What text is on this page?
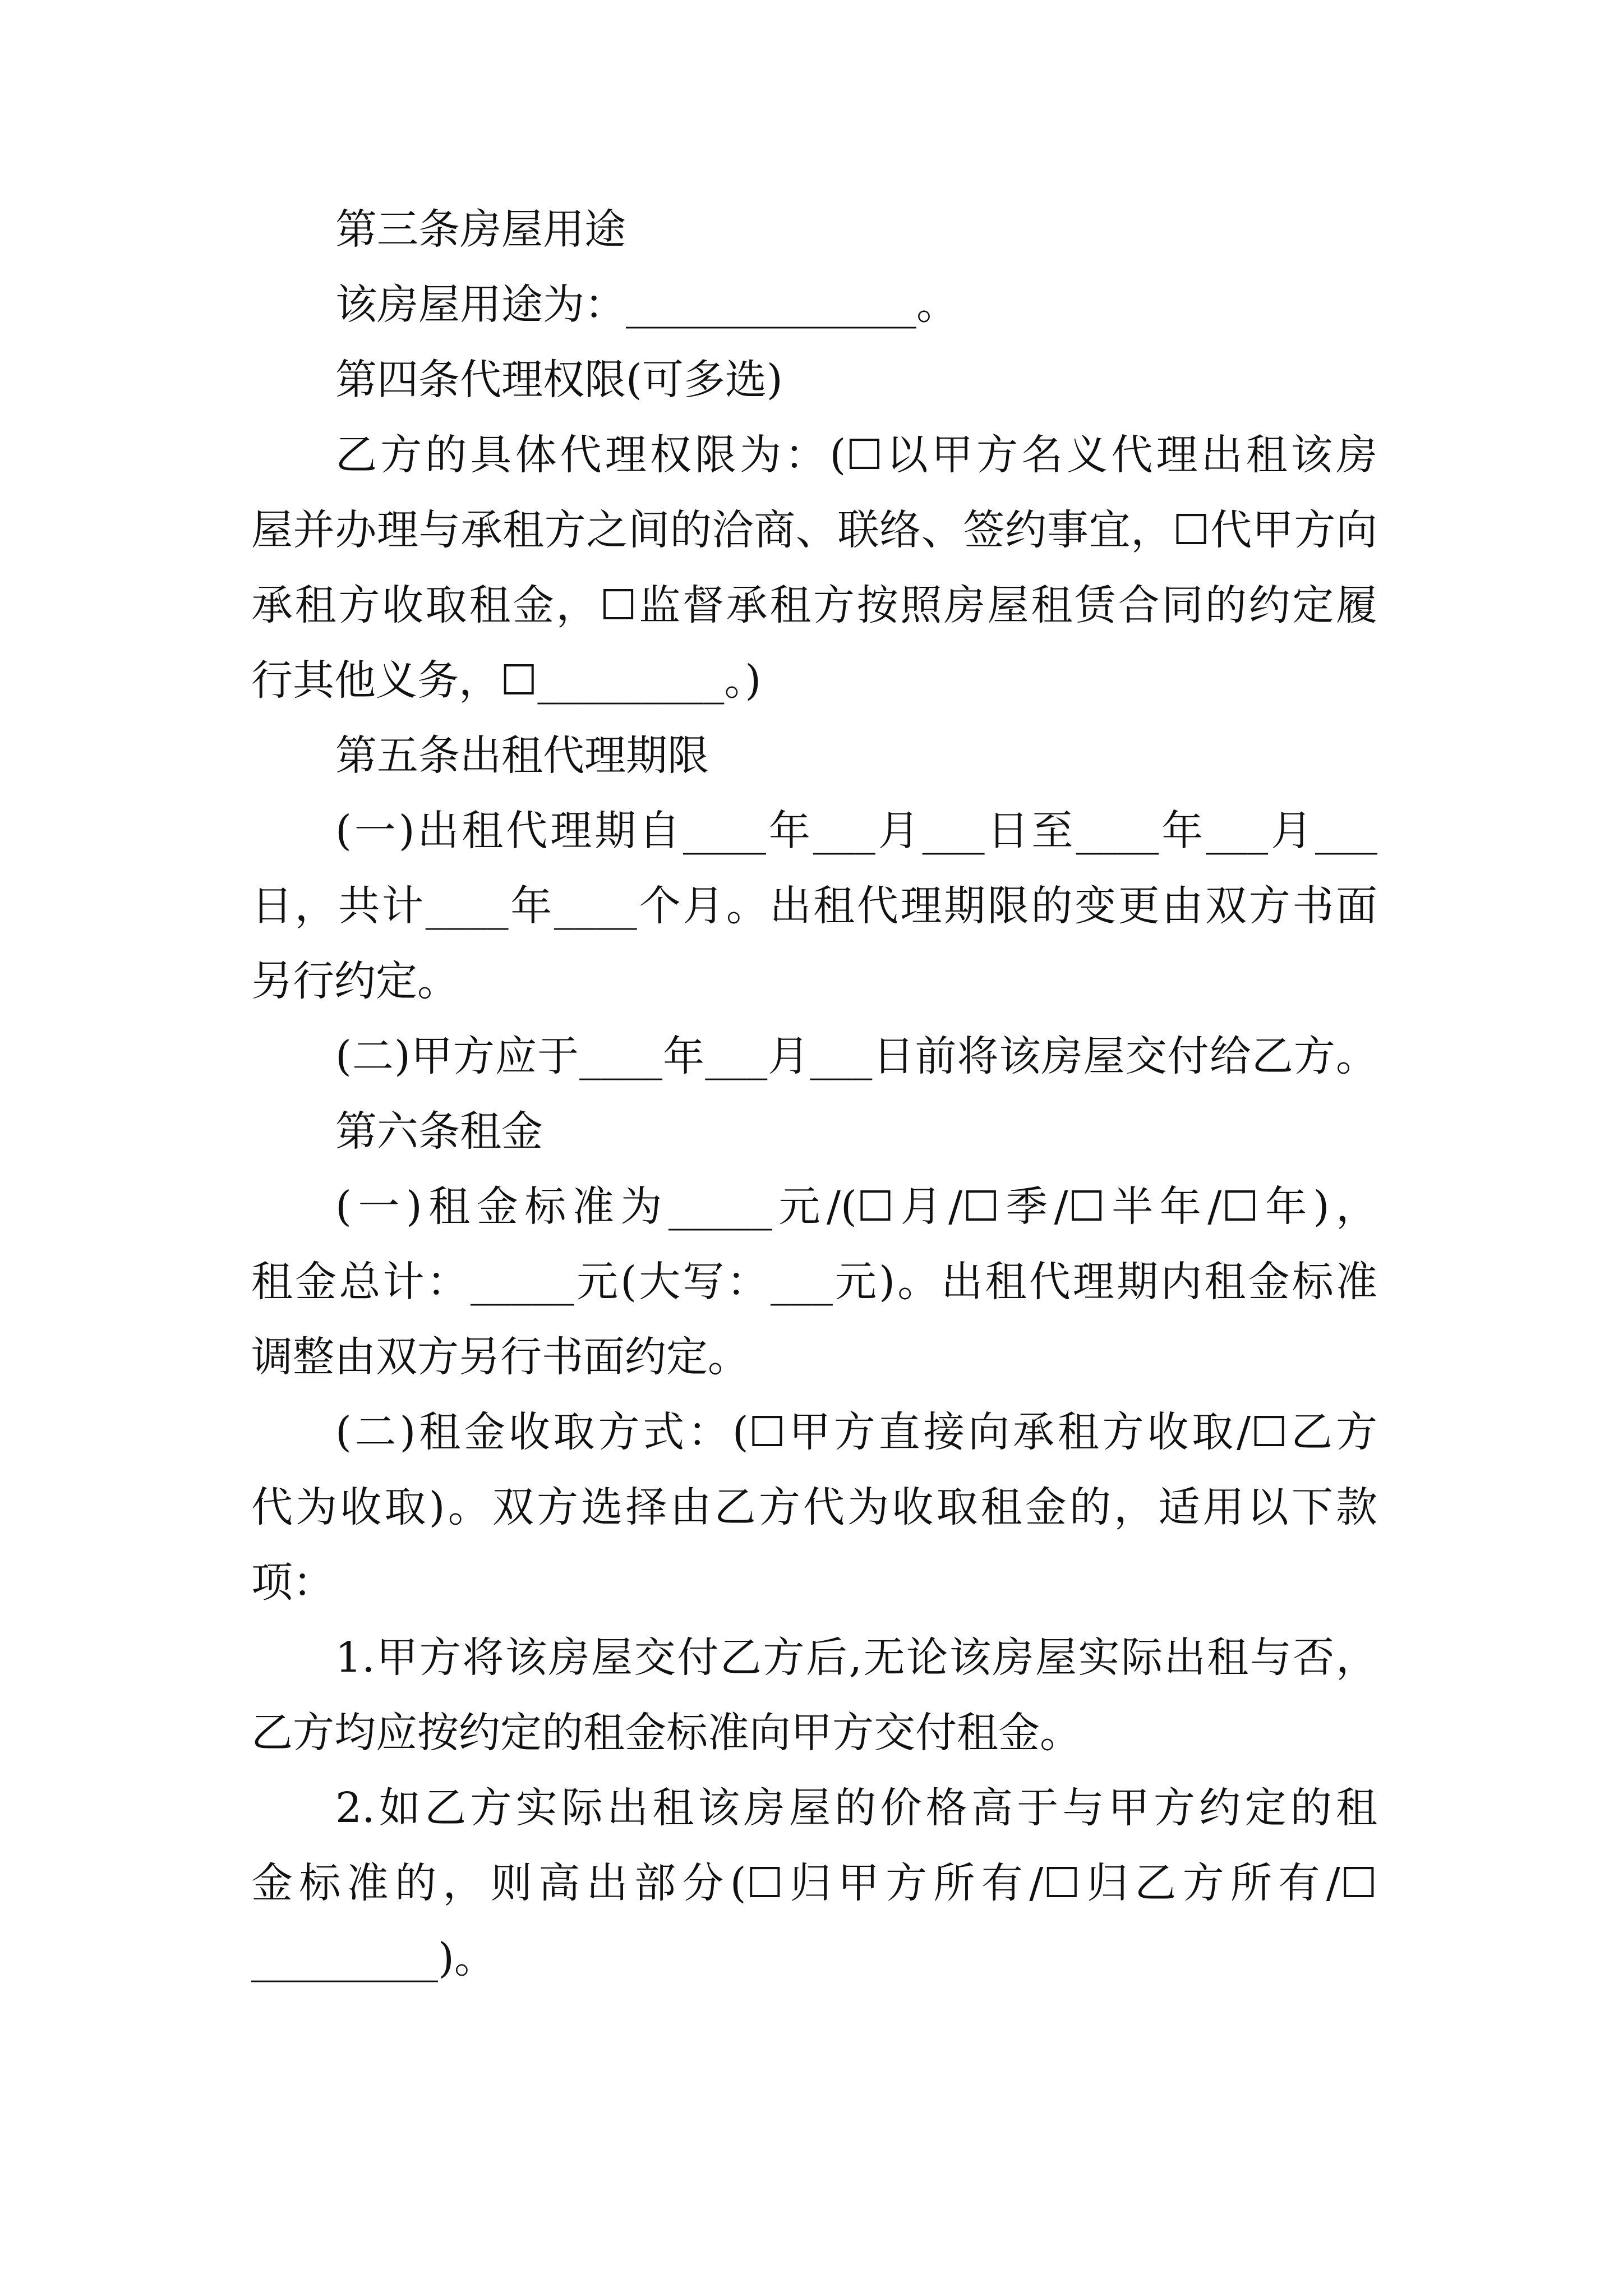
第三条房屋用途
该房屋用途为：______________。
第四条代理权限(可多选)
乙方的具体代理权限为：(☐以甲方名义代理出租该房
屋并办理与承租方之间的洽商、联络、签约事宜，☐代甲方向
承租方收取租金，☐监督承租方按照房屋租赁合同的约定履
行其他义务，☐_________。)
第五条出租代理期限
(一)出租代理期自____年___月___日至____年___月___
日，共计____年____个月。出租代理期限的变更由双方书面
另行约定。
(二)甲方应于____年___月___日前将该房屋交付给乙方。
第六条租金
(一)租金标准为_____元/(☐月/☐季/☐半年/☐年)，
租金总计：_____元(大写：___元)。出租代理期内租金标准
调整由双方另行书面约定。
(二)租金收取方式：(☐甲方直接向承租方收取/☐乙方
代为收取)。双方选择由乙方代为收取租金的，适用以下款
项：
1.甲方将该房屋交付乙方后,无论该房屋实际出租与否，
乙方均应按约定的租金标准向甲方交付租金。
2.如乙方实际出租该房屋的价格高于与甲方约定的租
金标准的，则高出部分(☐归甲方所有/☐归乙方所有/☐
_________)。
